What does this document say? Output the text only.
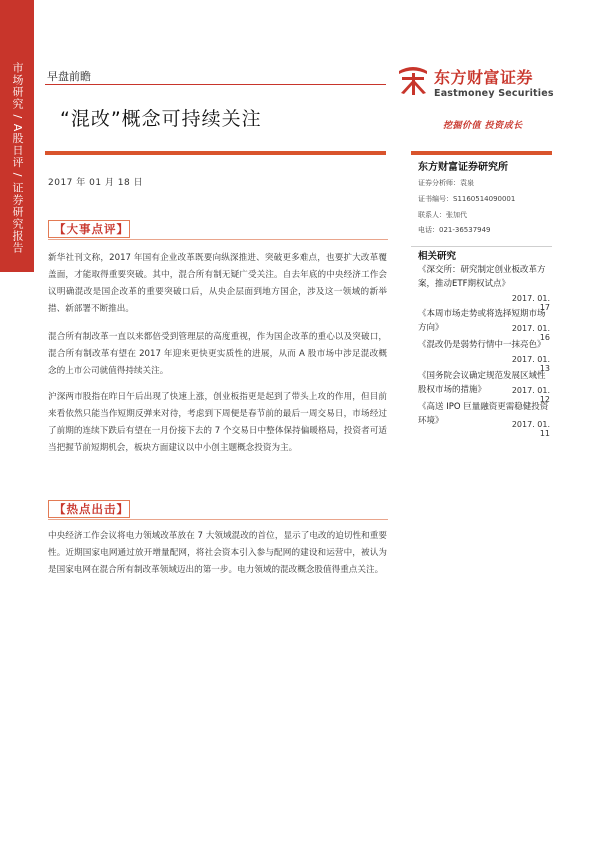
市场研究 / A股日评 / 证券研究报告 早盘前瞻
“混改”概念可持续关注
2017 年 01 月 18 日
东方财富证券
Eastmoney Securities
挖掘价值 投资成长
东方财富证券研究所
证券分析师：袁泉
证书编号：S1160514090001
联系人：张加代
电话：021-36537949
相关研究
《深交所：研究制定创业板改革方案，推动ETF期权试点》
2017. 01. 17
《本周市场走势或将选择短期市场方向》	2017. 01. 16
《混改仍是弱势行情中一抹亮色》
2017. 01. 13
《国务院会议确定规范发展区域性股权市场的措施》	2017. 01. 12
《高送 IPO 巨量融资更需稳健投资环境》	2017. 01. 11
【大事点评】
新华社刊文称，2017 年国有企业改革既要向纵深推进、突破更多难点，也要扩大改革覆盖面，才能取得重要突破。其中，混合所有制无疑广受关注。自去年底的中央经济工作会议明确混改是国企改革的重要突破口后，从央企层面到地方国企，涉及这一领域的新举措、新部署不断推出。
混合所有制改革一直以来都倍受到管理层的高度重视，作为国企改革的重心以及突破口，混合所有制改革有望在 2017 年迎来更快更实质性的进展，从而 A 股市场中涉足混改概念的上市公司就值得持续关注。
沪深两市股指在昨日午后出现了快速上涨，创业板指更是起到了带头上攻的作用，但目前来看依然只能当作短期反弹来对待，考虑到下周便是春节前的最后一周交易日，市场经过了前期的连续下跌后有望在一月份接下去的 7 个交易日中整体保持偏暖格局，投资者可适当把握节前短期机会，板块方面建议以中小创主题概念投资为主。
【热点出击】
中央经济工作会议将电力领域改革放在 7 大领域混改的首位，显示了电改的迫切性和重要性。近期国家电网通过放开增量配网，将社会资本引入参与配网的建设和运营中，被认为是国家电网在混合所有制改革领域迈出的第一步。电力领域的混改概念股值得重点关注。
